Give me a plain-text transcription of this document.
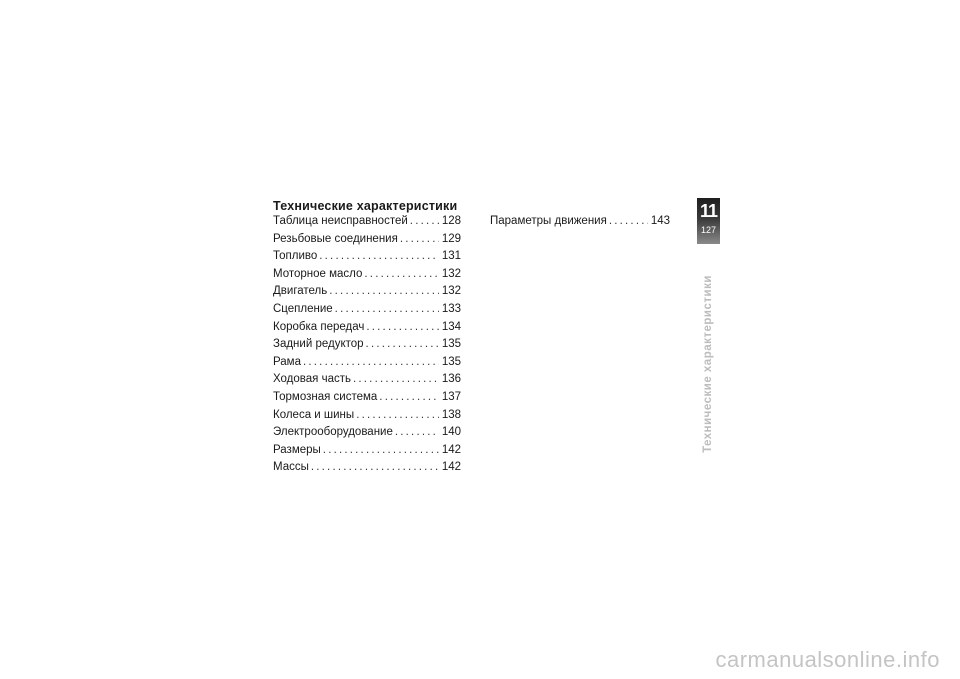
Технические характеристики
Таблица неисправностей .....	128
Резьбовые соединения .....	129
Топливо .....	131
Моторное масло .....	132
Двигатель .....	132
Сцепление .....	133
Коробка передач .....	134
Задний редуктор .....	135
Рама .....	135
Ходовая часть .....	136
Тормозная система .....	137
Колеса и шины .....	138
Электрооборудование .....	140
Размеры .....	142
Массы .....	142
Параметры движения .....	143 11
127
Технические характеристики
carmanualsonline.info
